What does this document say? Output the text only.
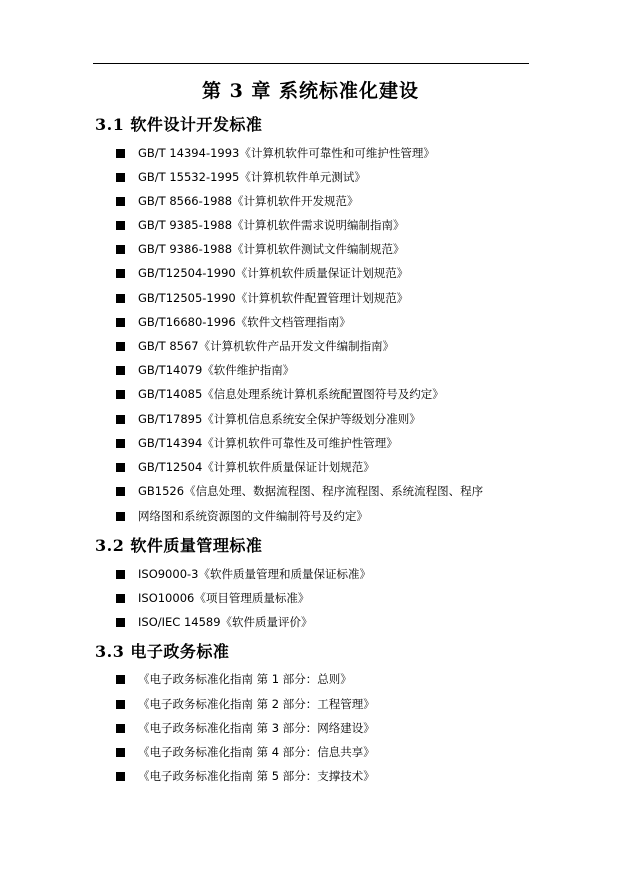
第 3 章 系统标准化建设
3.1 软件设计开发标准
GB/T 14394-1993《计算机软件可靠性和可维护性管理》
GB/T 15532-1995《计算机软件单元测试》
GB/T 8566-1988《计算机软件开发规范》
GB/T 9385-1988《计算机软件需求说明编制指南》
GB/T 9386-1988《计算机软件测试文件编制规范》
GB/T12504-1990《计算机软件质量保证计划规范》
GB/T12505-1990《计算机软件配置管理计划规范》
GB/T16680-1996《软件文档管理指南》
GB/T 8567《计算机软件产品开发文件编制指南》
GB/T14079《软件维护指南》
GB/T14085《信息处理系统计算机系统配置图符号及约定》
GB/T17895《计算机信息系统安全保护等级划分准则》
GB/T14394《计算机软件可靠性及可维护性管理》
GB/T12504《计算机软件质量保证计划规范》
GB1526《信息处理、数据流程图、程序流程图、系统流程图、程序
网络图和系统资源图的文件编制符号及约定》
3.2 软件质量管理标准
ISO9000-3《软件质量管理和质量保证标准》
ISO10006《项目管理质量标准》
ISO/IEC 14589《软件质量评价》
3.3 电子政务标准
《电子政务标准化指南 第 1 部分：总则》
《电子政务标准化指南 第 2 部分：工程管理》
《电子政务标准化指南 第 3 部分：网络建设》
《电子政务标准化指南 第 4 部分：信息共享》
《电子政务标准化指南 第 5 部分：支撑技术》
